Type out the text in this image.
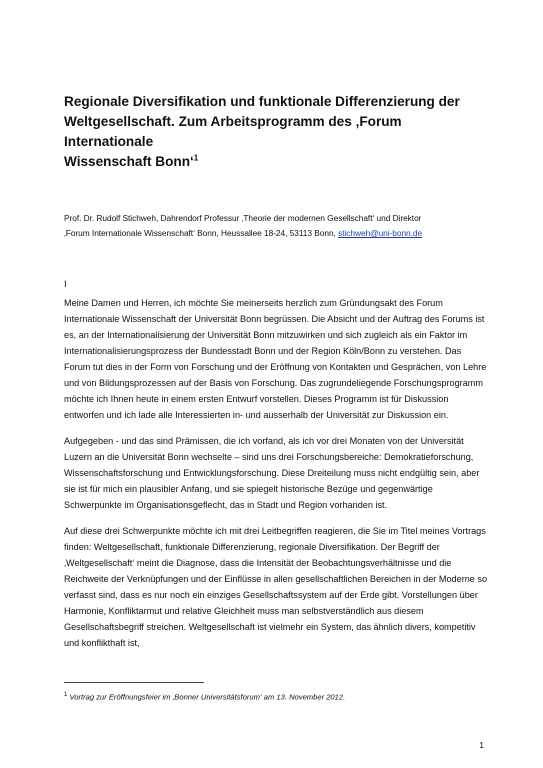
Regionale Diversifikation und funktionale Differenzierung der
Weltgesellschaft. Zum Arbeitsprogramm des ‚Forum Internationale
Wissenschaft Bonn‘$^1$

Prof. Dr. Rudolf Stichweh, Dahrendorf Professur ‚Theorie der modernen Gesellschaft‘ und Direktor
‚Forum Internationale Wissenschaft‘ Bonn, Heussallee 18-24, 53113 Bonn, stichweh@uni-bonn.de

I

Meine Damen und Herren, ich möchte Sie meinerseits herzlich zum Gründungsakt des Forum Internationale Wissenschaft der Universität Bonn begrüssen. Die Absicht und der Auftrag des Forums ist es, an der Internationalisierung der Universität Bonn mitzuwirken und sich zugleich als ein Faktor im Internationalisierungsprozess der Bundesstadt Bonn und der Region Köln/Bonn zu verstehen. Das Forum tut dies in der Form von Forschung und der Eröffnung von Kontakten und Gesprächen, von Lehre und von Bildungsprozessen auf der Basis von Forschung. Das zugrundeliegende Forschungsprogramm möchte ich Ihnen heute in einem ersten Entwurf vorstellen. Dieses Programm ist für Diskussion entworfen und ich lade alle Interessierten in- und ausserhalb der Universität zur Diskussion ein.

Aufgegeben - und das sind Prämissen, die ich vorfand, als ich vor drei Monaten von der Universität Luzern an die Universität Bonn wechselte – sind uns drei Forschungsbereiche: Demokratieforschung, Wissenschaftsforschung und Entwicklungsforschung. Diese Dreiteilung muss nicht endgültig sein, aber sie ist für mich ein plausibler Anfang, und sie spiegelt historische Bezüge und gegenwärtige Schwerpunkte im Organisationsgeflecht, das in Stadt und Region vorhanden ist.

Auf diese drei Schwerpunkte möchte ich mit drei Leitbegriffen reagieren, die Sie im Titel meines Vortrags finden: Weltgesellschaft, funktionale Differenzierung, regionale Diversifikation. Der Begriff der ‚Weltgesellschaft‘ meint die Diagnose, dass die Intensität der Beobachtungsverhältnisse und die Reichweite der Verknüpfungen und der Einflüsse in allen gesellschaftlichen Bereichen in der Moderne so verfasst sind, dass es nur noch ein einziges Gesellschaftssystem auf der Erde gibt. Vorstellungen über Harmonie, Konfliktarmut und relative Gleichheit muss man selbstverständlich aus diesem Gesellschaftsbegriff streichen. Weltgesellschaft ist vielmehr ein System, das ähnlich divers, kompetitiv und konflikthaft ist,

$^1$ Vortrag zur Eröffnungsfeier im ‚Bonner Universitätsforum‘ am 13. November 2012.

1
